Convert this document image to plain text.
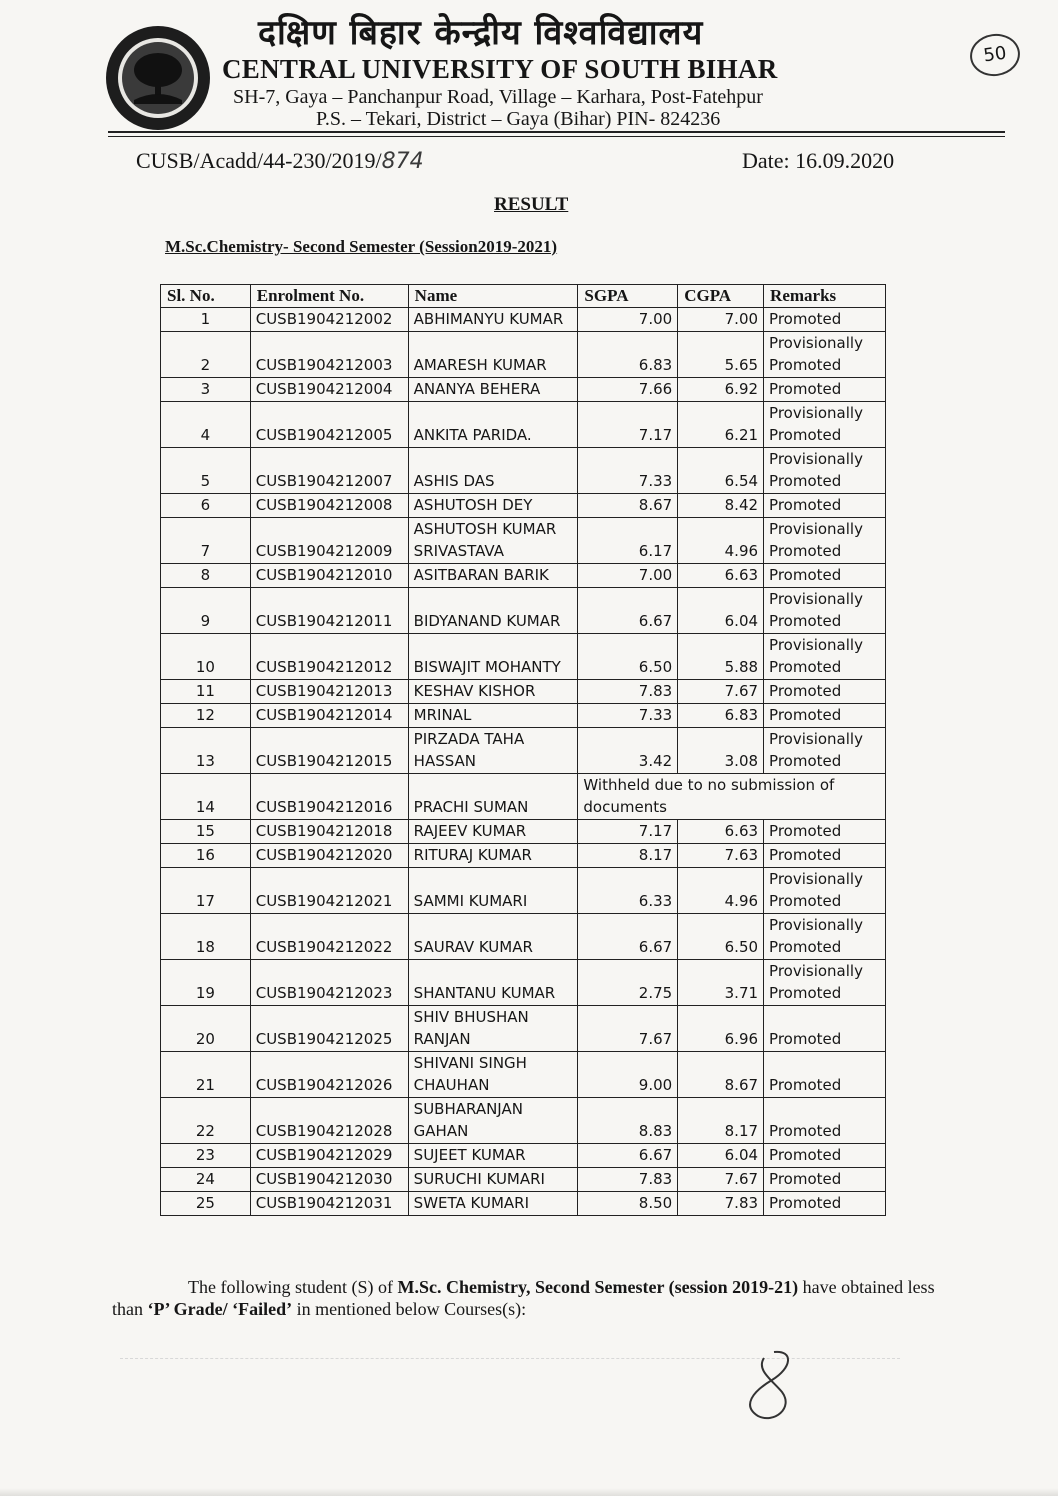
दक्षिण बिहार केन्द्रीय विश्वविद्यालय
CENTRAL UNIVERSITY OF SOUTH BIHAR
SH-7, Gaya – Panchanpur Road, Village – Karhara, Post-Fatehpur
P.S. – Tekari, District – Gaya (Bihar) PIN- 824236
50
CUSB/Acadd/44-230/2019/874	Date: 16.09.2020
RESULT
M.Sc.Chemistry- Second Semester (Session2019-2021)
Sl. No.	Enrolment No.	Name	SGPA	CGPA	Remarks
1	CUSB1904212002	ABHIMANYU KUMAR	7.00	7.00	Promoted
2	CUSB1904212003	AMARESH KUMAR	6.83	5.65	Provisionally Promoted
3	CUSB1904212004	ANANYA BEHERA	7.66	6.92	Promoted
4	CUSB1904212005	ANKITA PARIDA.	7.17	6.21	Provisionally Promoted
5	CUSB1904212007	ASHIS DAS	7.33	6.54	Provisionally Promoted
6	CUSB1904212008	ASHUTOSH DEY	8.67	8.42	Promoted
7	CUSB1904212009	ASHUTOSH KUMAR SRIVASTAVA	6.17	4.96	Provisionally Promoted
8	CUSB1904212010	ASITBARAN BARIK	7.00	6.63	Promoted
9	CUSB1904212011	BIDYANAND KUMAR	6.67	6.04	Provisionally Promoted
10	CUSB1904212012	BISWAJIT MOHANTY	6.50	5.88	Provisionally Promoted
11	CUSB1904212013	KESHAV KISHOR	7.83	7.67	Promoted
12	CUSB1904212014	MRINAL	7.33	6.83	Promoted
13	CUSB1904212015	PIRZADA TAHA HASSAN	3.42	3.08	Provisionally Promoted
14	CUSB1904212016	PRACHI SUMAN	Withheld due to no submission of documents		
15	CUSB1904212018	RAJEEV KUMAR	7.17	6.63	Promoted
16	CUSB1904212020	RITURAJ KUMAR	8.17	7.63	Promoted
17	CUSB1904212021	SAMMI KUMARI	6.33	4.96	Provisionally Promoted
18	CUSB1904212022	SAURAV KUMAR	6.67	6.50	Provisionally Promoted
19	CUSB1904212023	SHANTANU KUMAR	2.75	3.71	Provisionally Promoted
20	CUSB1904212025	SHIV BHUSHAN RANJAN	7.67	6.96	Promoted
21	CUSB1904212026	SHIVANI SINGH CHAUHAN	9.00	8.67	Promoted
22	CUSB1904212028	SUBHARANJAN GAHAN	8.83	8.17	Promoted
23	CUSB1904212029	SUJEET KUMAR	6.67	6.04	Promoted
24	CUSB1904212030	SURUCHI KUMARI	7.83	7.67	Promoted
25	CUSB1904212031	SWETA KUMARI	8.50	7.83	Promoted
The following student (S) of M.Sc. Chemistry, Second Semester (session 2019-21) have obtained less than ‘P’ Grade/ ‘Failed’ in mentioned below Courses(s):
